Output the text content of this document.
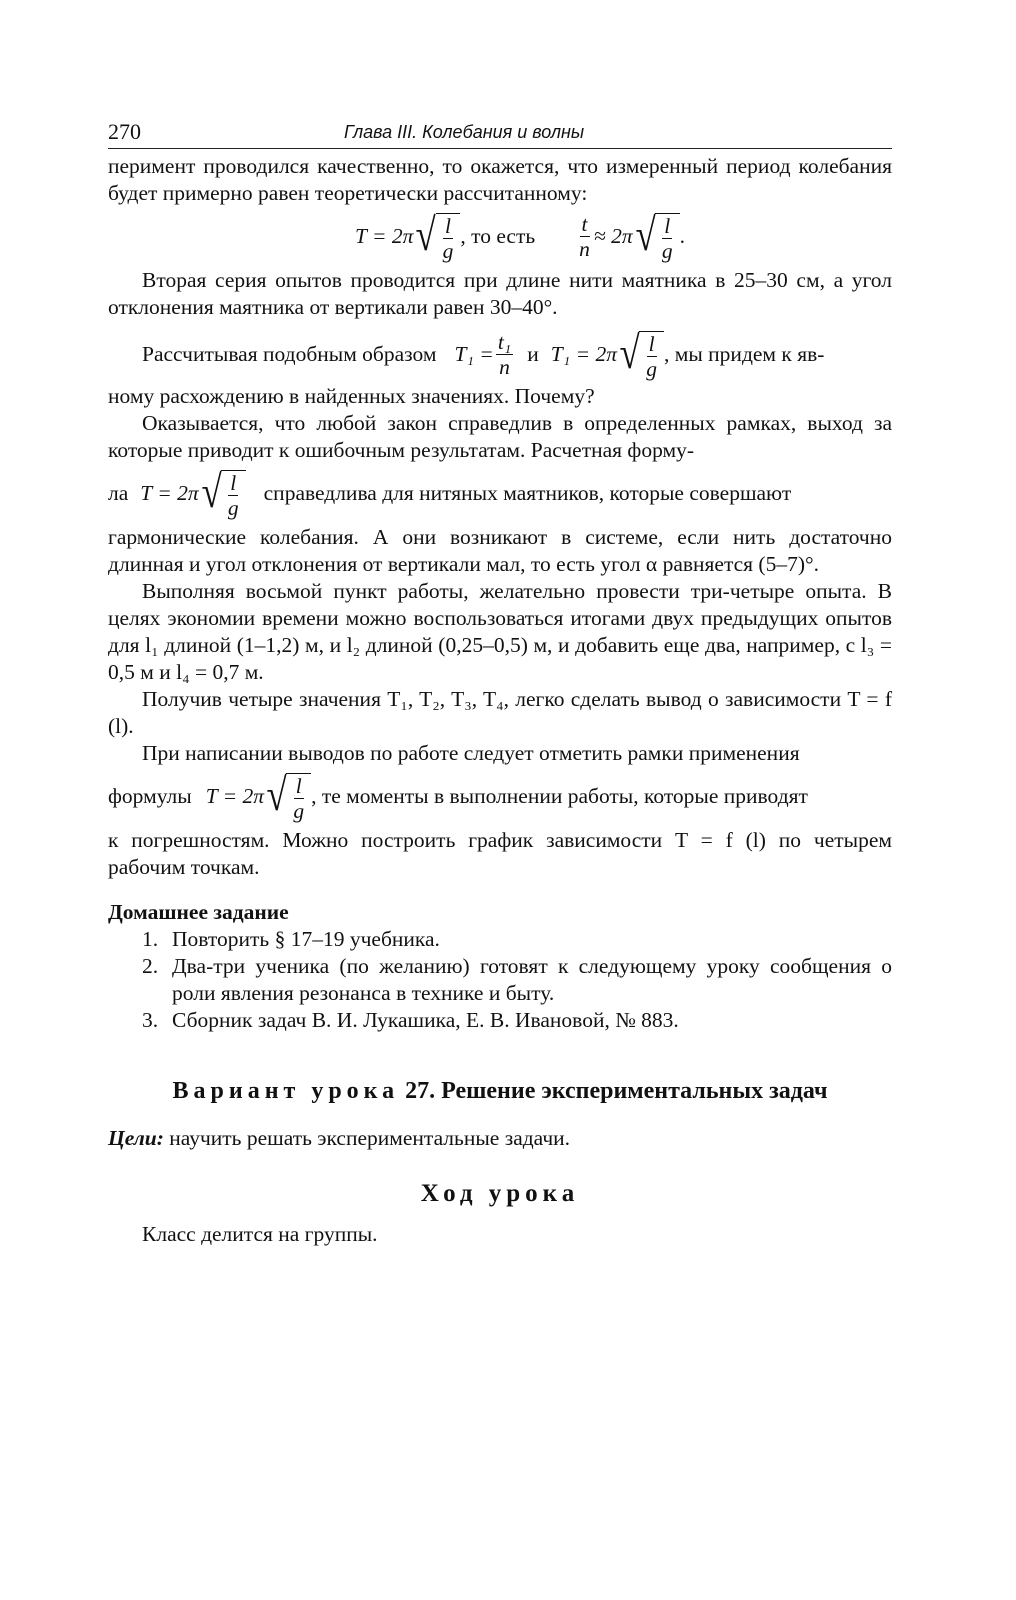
270	Глава III. Колебания и волны

перимент проводился качественно, то окажется, что измеренный период колебания будет примерно равен теоретически рассчитанному:

T = 2π √ $\frac{l}{g}$ , то есть $\frac{t}{n} \approx 2\pi$ √ $\frac{l}{g}$ .

Вторая серия опытов проводится при длине нити маятника в 25–30 см, а угол отклонения маятника от вертикали равен 30–40°.

Рассчитывая подобным образом $T_1 = \frac{\text{t₁}}{n}$ и T₁ = 2π √ $\frac{l}{g}$ , мы придем к яв-

ному расхождению в найденных значениях. Почему?

Оказывается, что любой закон справедлив в определенных рамках, выход за которые приводит к ошибочным результатам. Расчетная форму-

ла T = 2π √ $\frac{l}{g}$ справедлива для нитяных маятников, которые совершают

гармонические колебания. А они возникают в системе, если нить достаточно длинная и угол отклонения от вертикали мал, то есть угол α равняется (5–7)°.

Выполняя восьмой пункт работы, желательно провести три-четыре опыта. В целях экономии времени можно воспользоваться итогами двух предыдущих опытов для l₁ длиной (1–1,2) м, и l₂ длиной (0,25–0,5) м, и добавить еще два, например, с l₃ = 0,5 м и l₄ = 0,7 м.

Получив четыре значения T₁, T₂, T₃, T₄, легко сделать вывод о зависимости T = f (l).

При написании выводов по работе следует отметить рамки применения

формулы T = 2π √ $\frac{l}{g}$ , те моменты в выполнении работы, которые приводят

к погрешностям. Можно построить график зависимости T = f (l) по четырем рабочим точкам.

Домашнее задание
1. Повторить § 17–19 учебника.
2. Два-три ученика (по желанию) готовят к следующему уроку сообщения о роли явления резонанса в технике и быту.
3. Сборник задач В. И. Лукашика, Е. В. Ивановой, № 883.
Вариант урока 27. Решение экспериментальных задач
Цели: научить решать экспериментальные задачи.
Ход урока

Класс делится на группы.
